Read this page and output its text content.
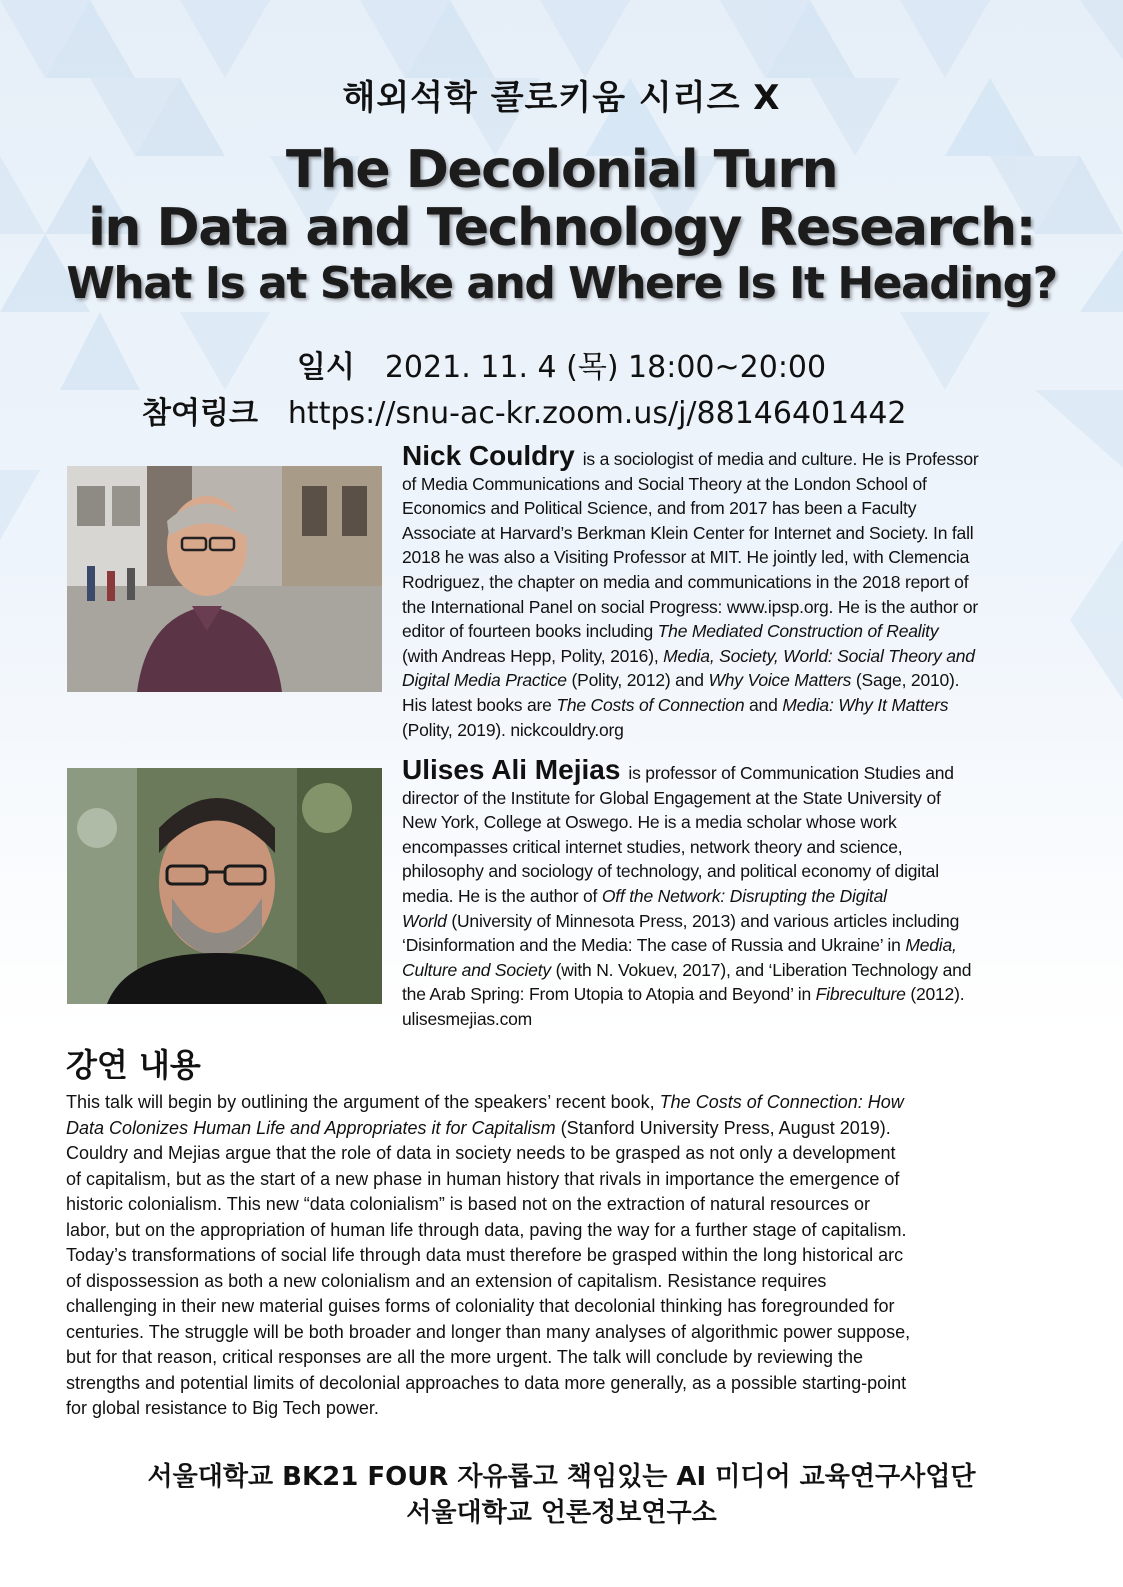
해외석학 콜로키움 시리즈 X
The Decolonial Turn
in Data and Technology Research:
What Is at Stake and Where Is It Heading?
일시 2021. 11. 4 (목) 18:00~20:00
참여링크 https://snu-ac-kr.zoom.us/j/88146401442
Nick Couldry is a sociologist of media and culture. He is Professor
of Media Communications and Social Theory at the London School of
Economics and Political Science, and from 2017 has been a Faculty
Associate at Harvard’s Berkman Klein Center for Internet and Society. In fall
2018 he was also a Visiting Professor at MIT. He jointly led, with Clemencia
Rodriguez, the chapter on media and communications in the 2018 report of
the International Panel on social Progress: www.ipsp.org. He is the author or
editor of fourteen books including The Mediated Construction of Reality
(with Andreas Hepp, Polity, 2016), Media, Society, World: Social Theory and
Digital Media Practice (Polity, 2012) and Why Voice Matters (Sage, 2010).
His latest books are The Costs of Connection and Media: Why It Matters
(Polity, 2019). nickcouldry.org
Ulises Ali Mejias is professor of Communication Studies and
director of the Institute for Global Engagement at the State University of
New York, College at Oswego. He is a media scholar whose work
encompasses critical internet studies, network theory and science,
philosophy and sociology of technology, and political economy of digital
media. He is the author of Off the Network: Disrupting the Digital
World (University of Minnesota Press, 2013) and various articles including
‘Disinformation and the Media: The case of Russia and Ukraine’ in Media,
Culture and Society (with N. Vokuev, 2017), and ‘Liberation Technology and
the Arab Spring: From Utopia to Atopia and Beyond’ in Fibreculture (2012).
ulisesmejias.com
강연 내용
This talk will begin by outlining the argument of the speakers’ recent book, The Costs of Connection: How
Data Colonizes Human Life and Appropriates it for Capitalism (Stanford University Press, August 2019).
Couldry and Mejias argue that the role of data in society needs to be grasped as not only a development
of capitalism, but as the start of a new phase in human history that rivals in importance the emergence of
historic colonialism. This new “data colonialism” is based not on the extraction of natural resources or
labor, but on the appropriation of human life through data, paving the way for a further stage of capitalism.
Today’s transformations of social life through data must therefore be grasped within the long historical arc
of dispossession as both a new colonialism and an extension of capitalism. Resistance requires
challenging in their new material guises forms of coloniality that decolonial thinking has foregrounded for
centuries. The struggle will be both broader and longer than many analyses of algorithmic power suppose,
but for that reason, critical responses are all the more urgent. The talk will conclude by reviewing the
strengths and potential limits of decolonial approaches to data more generally, as a possible starting-point
for global resistance to Big Tech power.
서울대학교 BK21 FOUR 자유롭고 책임있는 AI 미디어 교육연구사업단
서울대학교 언론정보연구소
